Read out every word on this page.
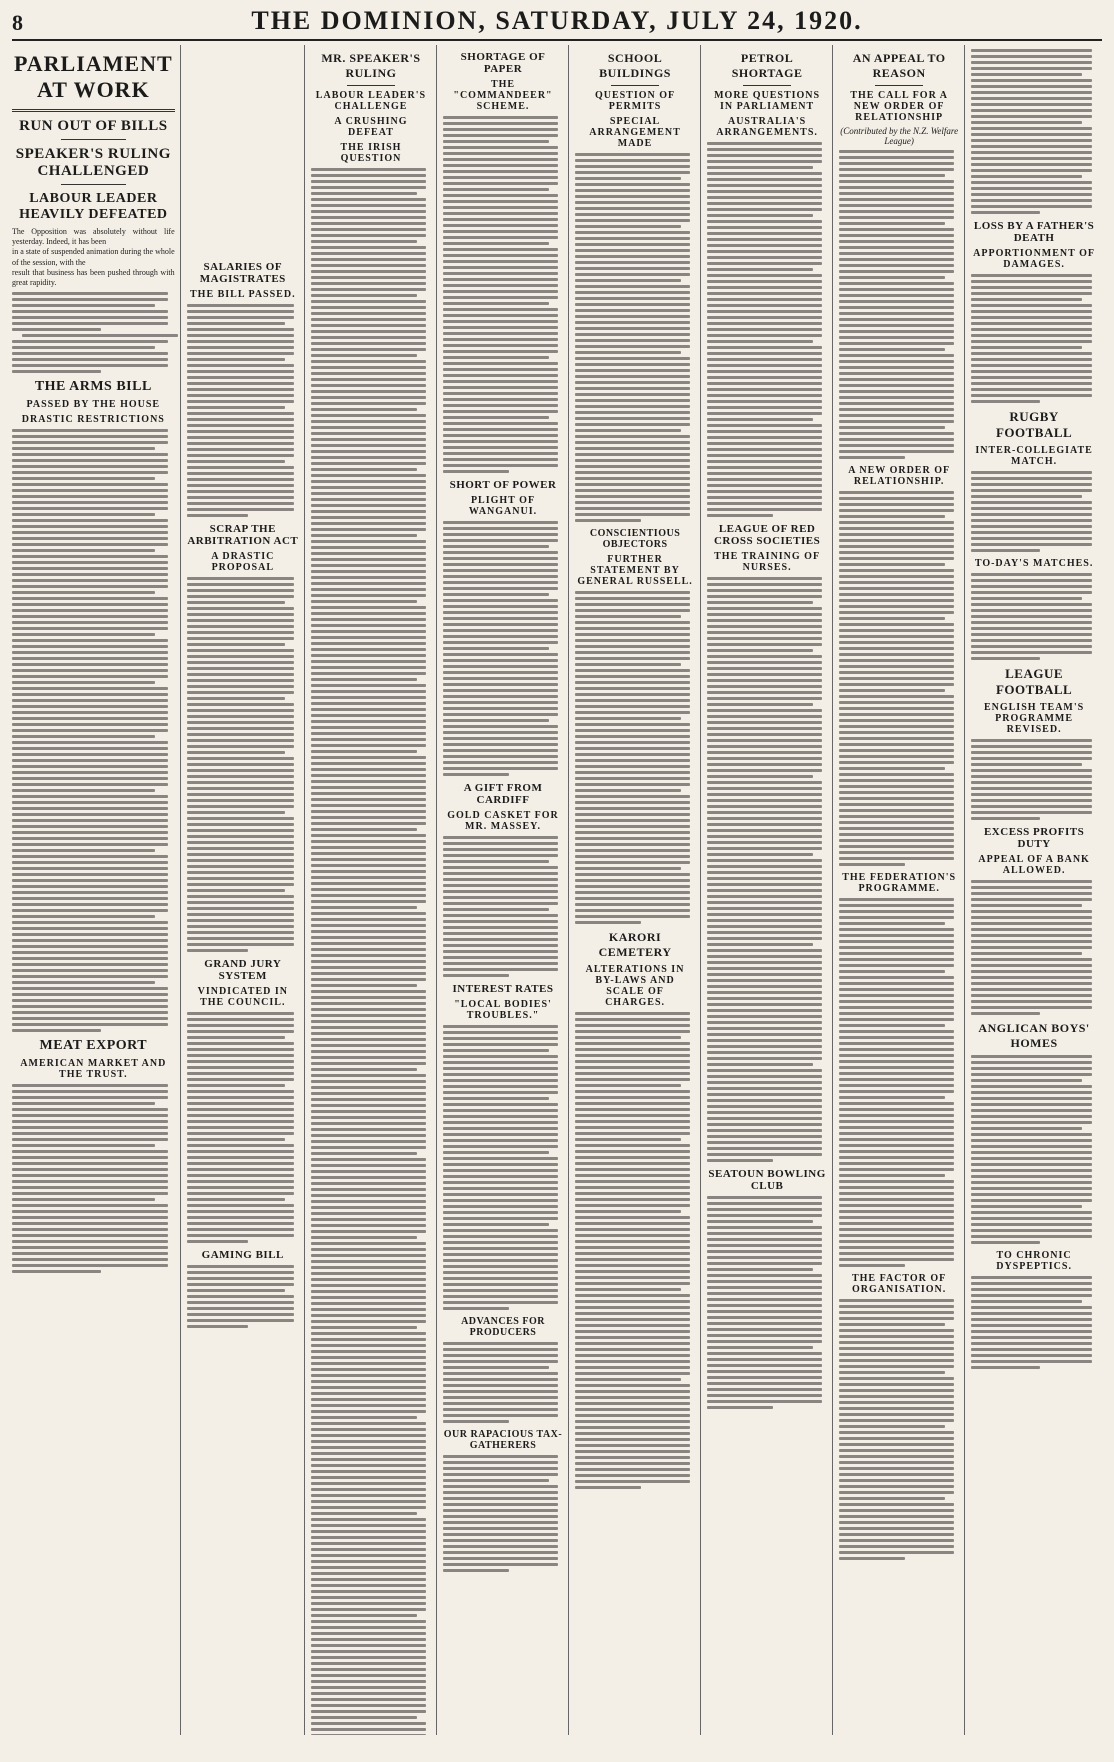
8	THE DOMINION, SATURDAY, JULY 24, 1920.
PARLIAMENT AT WORK
RUN OUT OF BILLS
SPEAKER'S RULING CHALLENGED
LABOUR LEADER HEAVILY DEFEATED
The Opposition was absolutely without life yesterday. Indeed, it has been
in a state of suspended animation during the whole of the session, with the
result that business has been pushed through with great rapidity.
THE ARMS BILL
PASSED BY THE HOUSE
DRASTIC RESTRICTIONS
MEAT EXPORT
AMERICAN MARKET AND THE TRUST.
SALARIES OF MAGISTRATES
THE BILL PASSED.
SCRAP THE ARBITRATION ACT
A DRASTIC PROPOSAL
GRAND JURY SYSTEM
VINDICATED IN THE COUNCIL.
GAMING BILL
MR. SPEAKER'S RULING
LABOUR LEADER'S CHALLENGE
A CRUSHING DEFEAT
THE IRISH QUESTION
SHORTAGE OF PAPER
THE "COMMANDEER" SCHEME.
SHORT OF POWER
PLIGHT OF WANGANUI.
A GIFT FROM CARDIFF
GOLD CASKET FOR MR. MASSEY.
INTEREST RATES
"LOCAL BODIES' TROUBLES."
ADVANCES FOR PRODUCERS
OUR RAPACIOUS TAX-GATHERERS
SCHOOL BUILDINGS
QUESTION OF PERMITS
SPECIAL ARRANGEMENT MADE
CONSCIENTIOUS OBJECTORS
FURTHER STATEMENT BY GENERAL RUSSELL.
KARORI CEMETERY
ALTERATIONS IN BY-LAWS AND SCALE OF CHARGES.
PETROL SHORTAGE
MORE QUESTIONS IN PARLIAMENT
AUSTRALIA'S ARRANGEMENTS.
LEAGUE OF RED CROSS SOCIETIES
THE TRAINING OF NURSES.
SEATOUN BOWLING CLUB
AN APPEAL TO REASON
THE CALL FOR A NEW ORDER OF RELATIONSHIP
(Contributed by the N.Z. Welfare League)
A NEW ORDER OF RELATIONSHIP.
THE FEDERATION'S PROGRAMME.
THE FACTOR OF ORGANISATION.
LOSS BY A FATHER'S DEATH
APPORTIONMENT OF DAMAGES.
RUGBY FOOTBALL
INTER-COLLEGIATE MATCH.
TO-DAY'S MATCHES.
LEAGUE FOOTBALL
ENGLISH TEAM'S PROGRAMME REVISED.
EXCESS PROFITS DUTY
APPEAL OF A BANK ALLOWED.
ANGLICAN BOYS' HOMES
TO CHRONIC DYSPEPTICS.
